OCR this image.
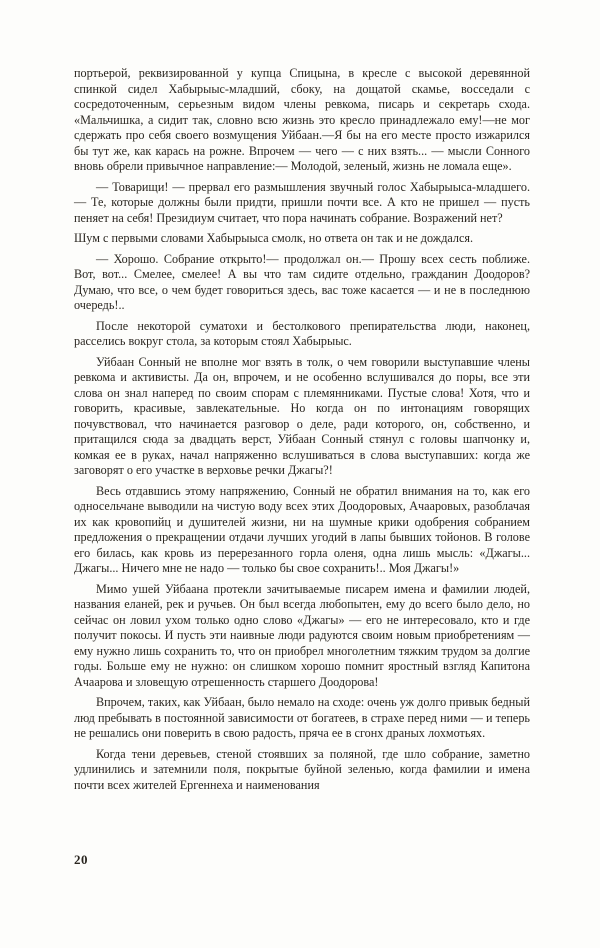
портьерой, реквизированной у купца Спицына, в кресле с высокой деревянной спинкой сидел Хабырыыс-младший, сбоку, на дощатой скамье, восседали с сосредоточенным, серьезным видом члены ревкома, писарь и секретарь схода. «Мальчишка, а сидит так, словно всю жизнь это кресло принадлежало ему!—не мог сдержать про себя своего возмущения Уйбаан.—Я бы на его месте просто изжарился бы тут же, как карась на рожне. Впрочем — чего — с них взять... — мысли Сонного вновь обрели привычное направление:— Молодой, зеленый, жизнь не ломала еще».

— Товарищи! — прервал его размышления звучный голос Хабырыыса-младшего.— Те, которые должны были придти, пришли почти все. А кто не пришел — пусть пеняет на себя! Президиум считает, что пора начинать собрание. Возражений нет?

Шум с первыми словами Хабырыыса смолк, но ответа он так и не дождался.

— Хорошо. Собрание открыто!— продолжал он.— Прошу всех сесть поближе. Вот, вот... Смелее, смелее! А вы что там сидите отдельно, гражданин Доодоров? Думаю, что все, о чем будет говориться здесь, вас тоже касается — и не в последнюю очередь!..

После некоторой суматохи и бестолкового препирательства люди, наконец, расселись вокруг стола, за которым стоял Хабырыыс.

Уйбаан Сонный не вполне мог взять в толк, о чем говорили выступавшие члены ревкома и активисты. Да он, впрочем, и не особенно вслушивался до поры, все эти слова он знал наперед по своим спорам с племянниками. Пустые слова! Хотя, что и говорить, красивые, завлекательные. Но когда он по интонациям говорящих почувствовал, что начинается разговор о деле, ради которого, он, собственно, и притащился сюда за двадцать верст, Уйбаан Сонный стянул с головы шапчонку и, комкая ее в руках, начал напряженно вслушиваться в слова выступавших: когда же заговорят о его участке в верховье речки Джагы?!

Весь отдавшись этому напряжению, Сонный не обратил внимания на то, как его односельчане выводили на чистую воду всех этих Доодоровых, Ачааровых, разоблачая их как кровопийц и душителей жизни, ни на шумные крики одобрения собранием предложения о прекращении отдачи лучших угодий в лапы бывших тойонов. В голове его билась, как кровь из перерезанного горла оленя, одна лишь мысль: «Джагы... Джагы... Ничего мне не надо — только бы свое сохранить!.. Моя Джагы!»

Мимо ушей Уйбаана протекли зачитываемые писарем имена и фамилии людей, названия еланей, рек и ручьев. Он был всегда любопытен, ему до всего было дело, но сейчас он ловил ухом только одно слово «Джагы» — его не интересовало, кто и где получит покосы. И пусть эти наивные люди радуются своим новым приобретениям — ему нужно лишь сохранить то, что он приобрел многолетним тяжким трудом за долгие годы. Больше ему не нужно: он слишком хорошо помнит яростный взгляд Капитона Ачаарова и зловещую отрешенность старшего Доодорова!

Впрочем, таких, как Уйбаан, было немало на сходе: очень уж долго привык бедный люд пребывать в постоянной зависимости от богатеев, в страхе перед ними — и теперь не решались они поверить в свою радость, пряча ее в сгонх драных лохмотьях.

Когда тени деревьев, стеной стоявших за поляной, где шло собрание, заметно удлинились и затемнили поля, покрытые буйной зеленью, когда фамилии и имена почти всех жителей Ергеннеха и наименования

20
